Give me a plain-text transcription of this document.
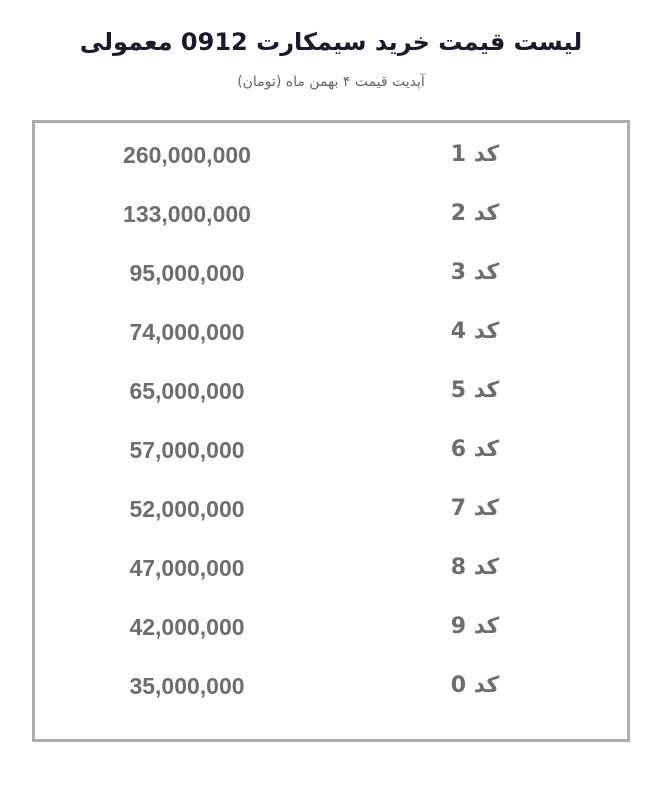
لیست قیمت خرید سیمکارت 0912 معمولی
آپدیت قیمت ۴ بهمن ماه (تومان)
260,000,000	کد 1
133,000,000	کد 2
95,000,000	کد 3
74,000,000	کد 4
65,000,000	کد 5
57,000,000	کد 6
52,000,000	کد 7
47,000,000	کد 8
42,000,000	کد 9
35,000,000	کد 0
